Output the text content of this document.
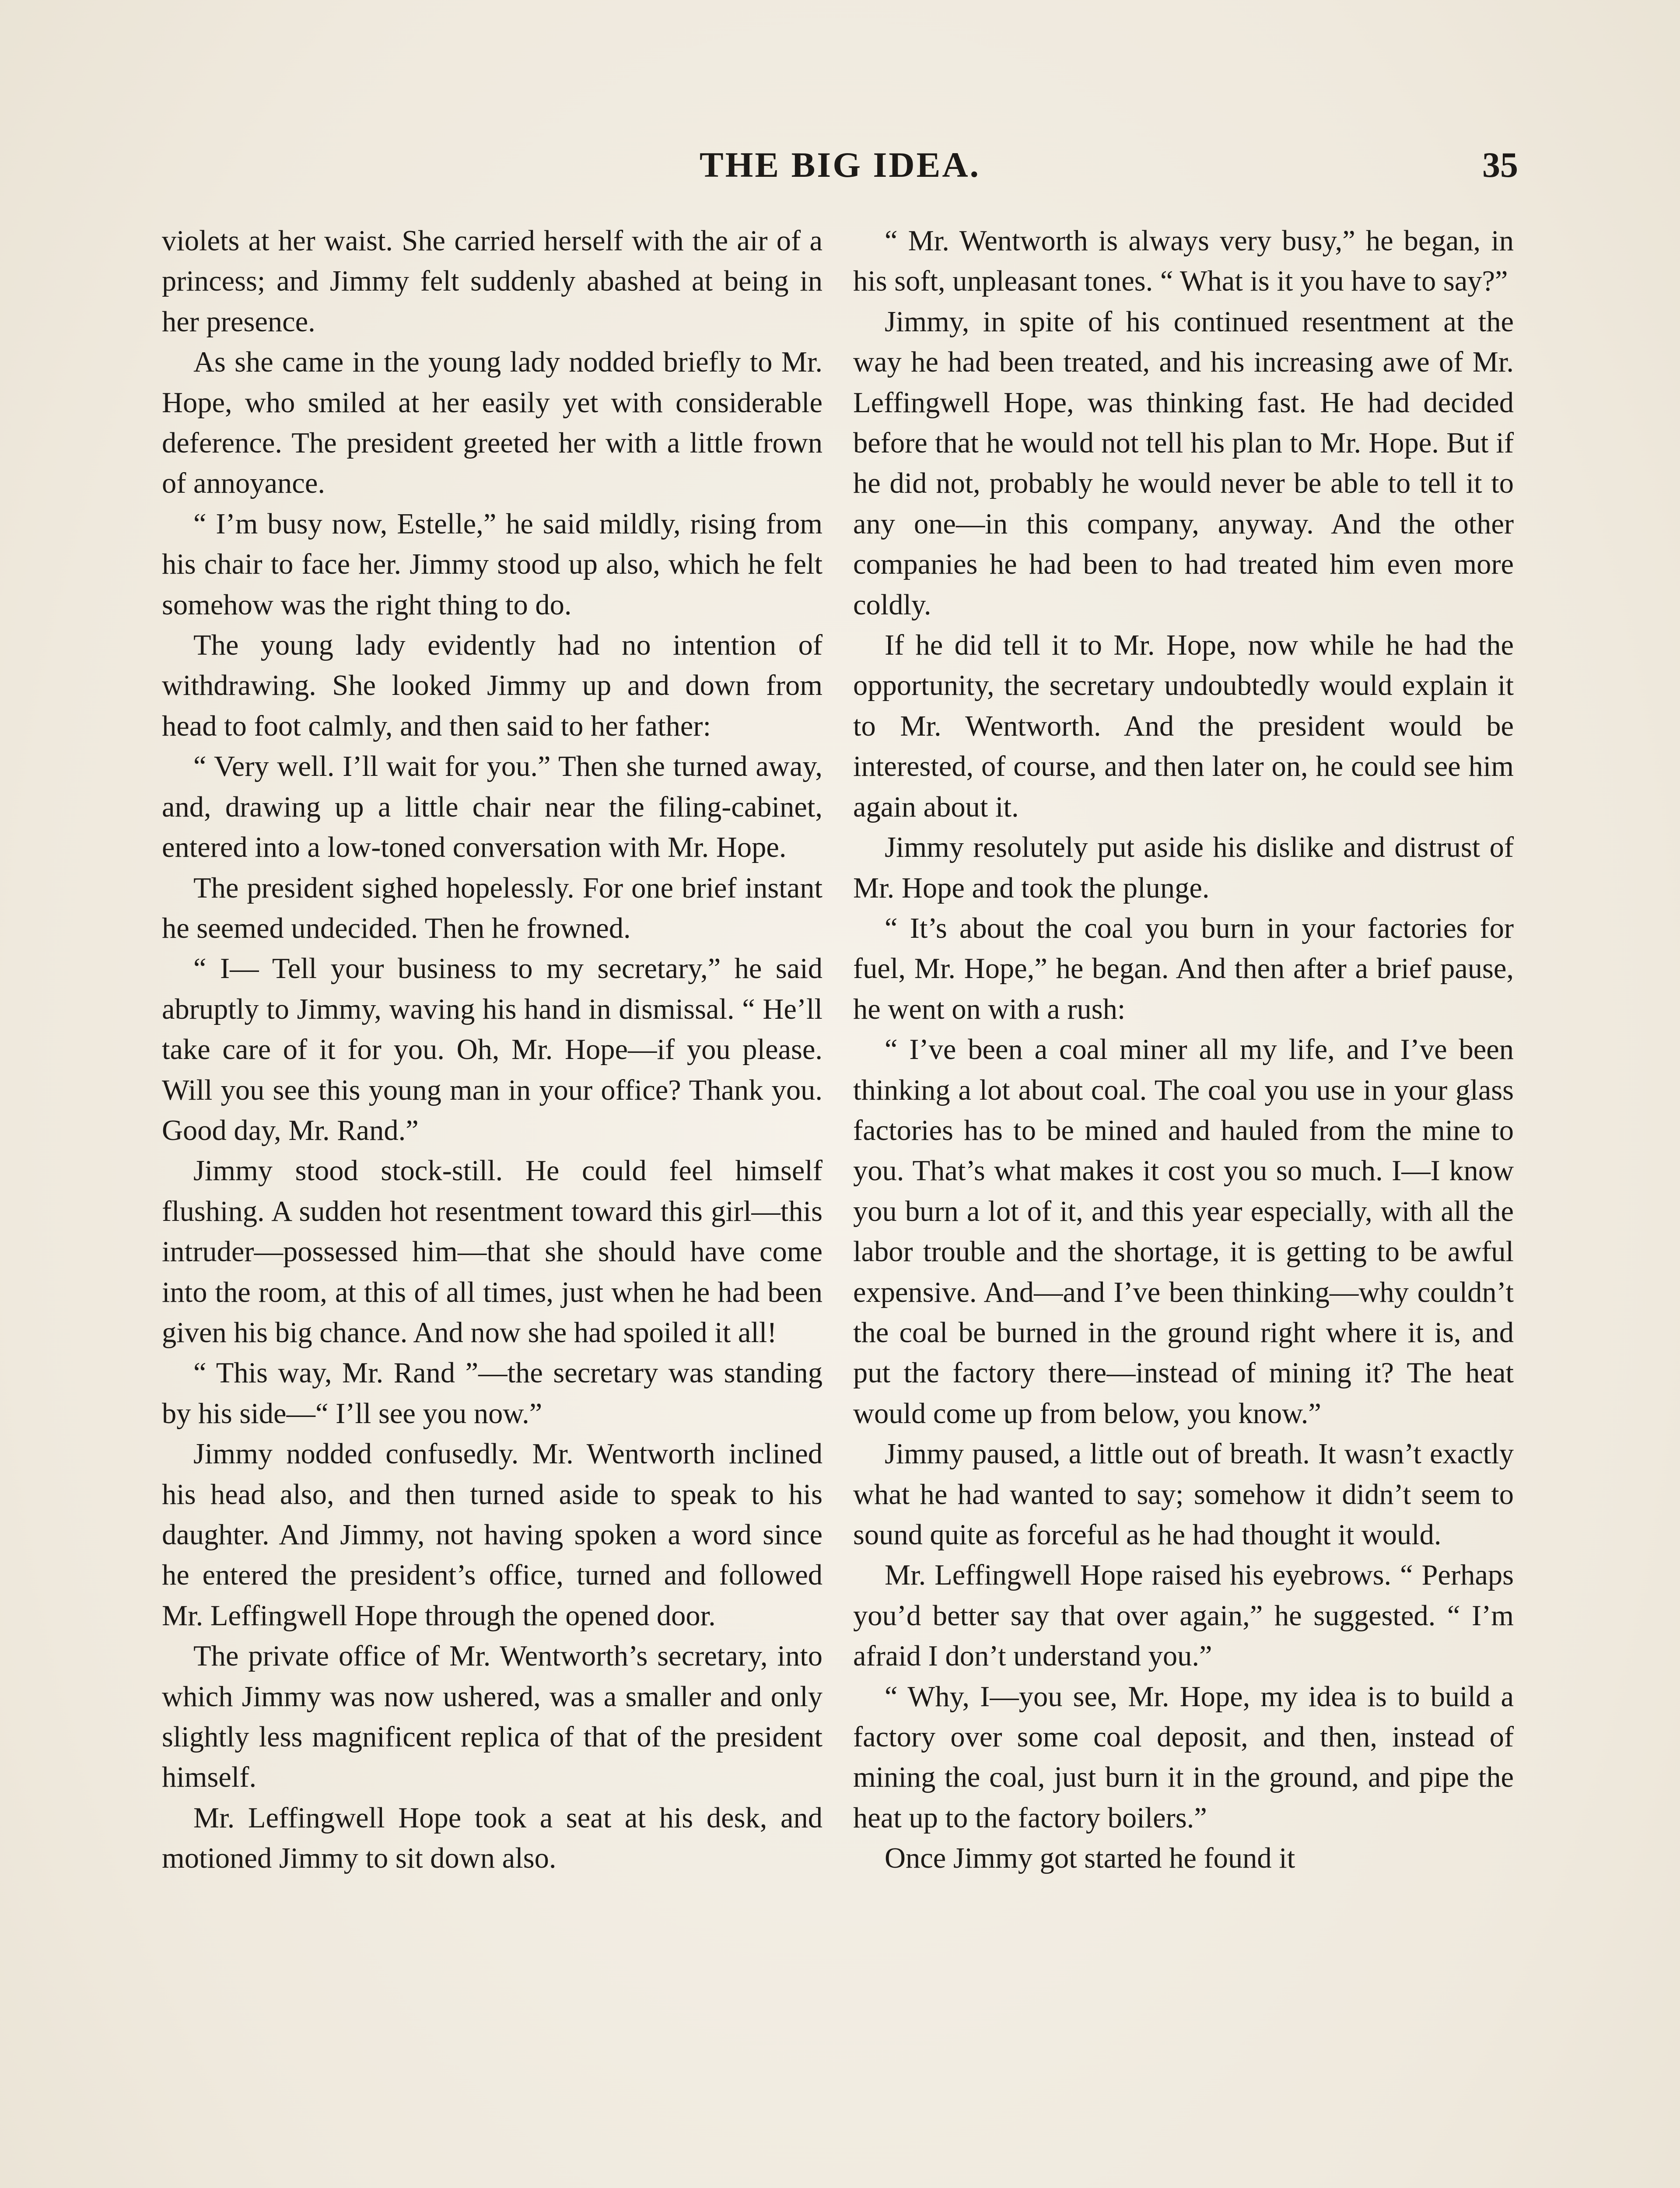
THE BIG IDEA.	35

violets at her waist. She carried herself with the air of a princess; and Jimmy felt suddenly abashed at being in her presence.

As she came in the young lady nodded briefly to Mr. Hope, who smiled at her easily yet with considerable deference. The president greeted her with a little frown of annoyance.

“ I’m busy now, Estelle,” he said mildly, rising from his chair to face her. Jimmy stood up also, which he felt somehow was the right thing to do.

The young lady evidently had no intention of withdrawing. She looked Jimmy up and down from head to foot calmly, and then said to her father:

“ Very well. I’ll wait for you.” Then she turned away, and, drawing up a little chair near the filing-cabinet, entered into a low-toned conversation with Mr. Hope.

The president sighed hopelessly. For one brief instant he seemed undecided. Then he frowned.

“ I— Tell your business to my secretary,” he said abruptly to Jimmy, waving his hand in dismissal. “ He’ll take care of it for you. Oh, Mr. Hope—if you please. Will you see this young man in your office? Thank you. Good day, Mr. Rand.”

Jimmy stood stock-still. He could feel himself flushing. A sudden hot resentment toward this girl—this intruder—possessed him—that she should have come into the room, at this of all times, just when he had been given his big chance. And now she had spoiled it all!

“ This way, Mr. Rand ”—the secretary was standing by his side—“ I’ll see you now.”

Jimmy nodded confusedly. Mr. Wentworth inclined his head also, and then turned aside to speak to his daughter. And Jimmy, not having spoken a word since he entered the president’s office, turned and followed Mr. Leffingwell Hope through the opened door.

The private office of Mr. Wentworth’s secretary, into which Jimmy was now ushered, was a smaller and only slightly less magnificent replica of that of the president himself.

Mr. Leffingwell Hope took a seat at his desk, and motioned Jimmy to sit down also.

“ Mr. Wentworth is always very busy,” he began, in his soft, unpleasant tones. “ What is it you have to say?”

Jimmy, in spite of his continued resentment at the way he had been treated, and his increasing awe of Mr. Leffingwell Hope, was thinking fast. He had decided before that he would not tell his plan to Mr. Hope. But if he did not, probably he would never be able to tell it to any one—in this company, anyway. And the other companies he had been to had treated him even more coldly.

If he did tell it to Mr. Hope, now while he had the opportunity, the secretary undoubtedly would explain it to Mr. Wentworth. And the president would be interested, of course, and then later on, he could see him again about it.

Jimmy resolutely put aside his dislike and distrust of Mr. Hope and took the plunge.

“ It’s about the coal you burn in your factories for fuel, Mr. Hope,” he began. And then after a brief pause, he went on with a rush:

“ I’ve been a coal miner all my life, and I’ve been thinking a lot about coal. The coal you use in your glass factories has to be mined and hauled from the mine to you. That’s what makes it cost you so much. I—I know you burn a lot of it, and this year especially, with all the labor trouble and the shortage, it is getting to be awful expensive. And—and I’ve been thinking—why couldn’t the coal be burned in the ground right where it is, and put the factory there—instead of mining it? The heat would come up from below, you know.”

Jimmy paused, a little out of breath. It wasn’t exactly what he had wanted to say; somehow it didn’t seem to sound quite as forceful as he had thought it would.

Mr. Leffingwell Hope raised his eyebrows. “ Perhaps you’d better say that over again,” he suggested. “ I’m afraid I don’t understand you.”

“ Why, I—you see, Mr. Hope, my idea is to build a factory over some coal deposit, and then, instead of mining the coal, just burn it in the ground, and pipe the heat up to the factory boilers.”

Once Jimmy got started he found it
